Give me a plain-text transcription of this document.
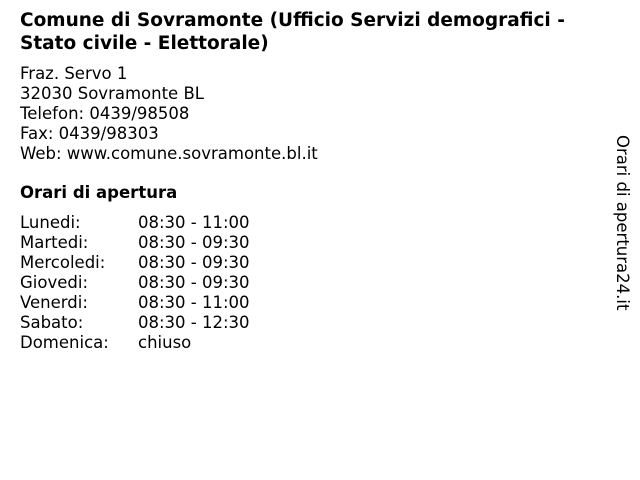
Comune di Sovramonte (Ufficio Servizi demografici - Stato civile - Elettorale)
Fraz. Servo 1
32030 Sovramonte BL
Telefon: 0439/98508
Fax: 0439/98303
Web: www.comune.sovramonte.bl.it
Orari di apertura
Lunedi:	08:30 - 11:00
Martedi:	08:30 - 09:30
Mercoledi: 08:30 - 09:30
Giovedi:	08:30 - 09:30
Venerdi:	08:30 - 11:00
Sabato:	08:30 - 12:30
Domenica: chiuso
Orari di apertura24.it
